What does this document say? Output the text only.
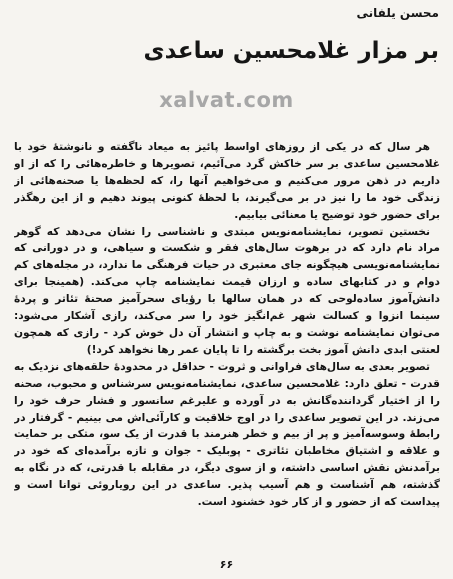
محسن يلفانی
بر مزار غلامحسین ساعدی
xalvat.com

هر سال که در یکی از روزهای اواسط پائیز به میعاد ناگفته و نانوشتهٔ خود با غلامحسین ساعدی بر سر خاکش گرد می‌آئیم، تصویرها و خاطره‌هائی را که از او داریم در ذهن مرور می‌کنیم و می‌خواهیم آنها را، که لحظه‌ها یا صحنه‌هائی از زندگی خود ما را نیز در بر می‌گیرند، با لحظهٔ کنونی پیوند دهیم و از این رهگذر برای حضور خود توضیح یا معنائی بیابیم.

نخستین تصویر، نمایشنامه‌نویس مبتدی و ناشناسی را نشان می‌دهد که گوهر مراد نام دارد که در برهوت سال‌های فقر و شکست و سیاهی، و در دورانی که نمایشنامه‌نویسی هیچگونه جای معتبری در حیات فرهنگی ما ندارد، در مجله‌های کم دوام و در کتابهای ساده و ارزان قیمت نمایشنامه چاپ می‌کند. (همینجا برای دانش‌آموز ساده‌لوحی که در همان سالها با رؤیای سحرآمیز صحنهٔ تئاتر و پردهٔ سینما انزوا و کسالت شهر غم‌انگیز خود را سر می‌کند، رازی آشکار می‌شود: می‌توان نمایشنامه نوشت و به چاپ و انتشار آن دل خوش کرد - رازی که همچون لعنتی ابدی دانش آموز بخت برگشته را تا پایان عمر رها نخواهد کرد!)

تصویر بعدی به سال‌های فراوانی و ثروت - حداقل در محدودهٔ حلقه‌های نزدیک به قدرت - تعلق دارد: غلامحسین ساعدی، نمایشنامه‌نویس سرشناس و محبوب، صحنه را از اختیار گرداننده‌گانش به در آورده و علیرغم سانسور و فشار حرف خود را می‌زند. در این تصویر ساعدی را در اوج خلاقیت و کارآئی‌اش می بینیم - گرفتار در رابطهٔ وسوسه‌آمیز و پر از بیم و خطر هنرمند با قدرت از یک سو، متکی بر حمایت و علاقه و اشتیاق مخاطبان تئاتری - پوبلیک - جوان و تازه برآمده‌ای که خود در برآمدنش نقش اساسی داشته، و از سوی دیگر، در مقابله با قدرتی، که در نگاه به گذشته، هم آشناست و هم آسیب پذیر. ساعدی در این رویاروئی توانا است و پیداست که از حضور و از کار خود خشنود است.

۶۶
